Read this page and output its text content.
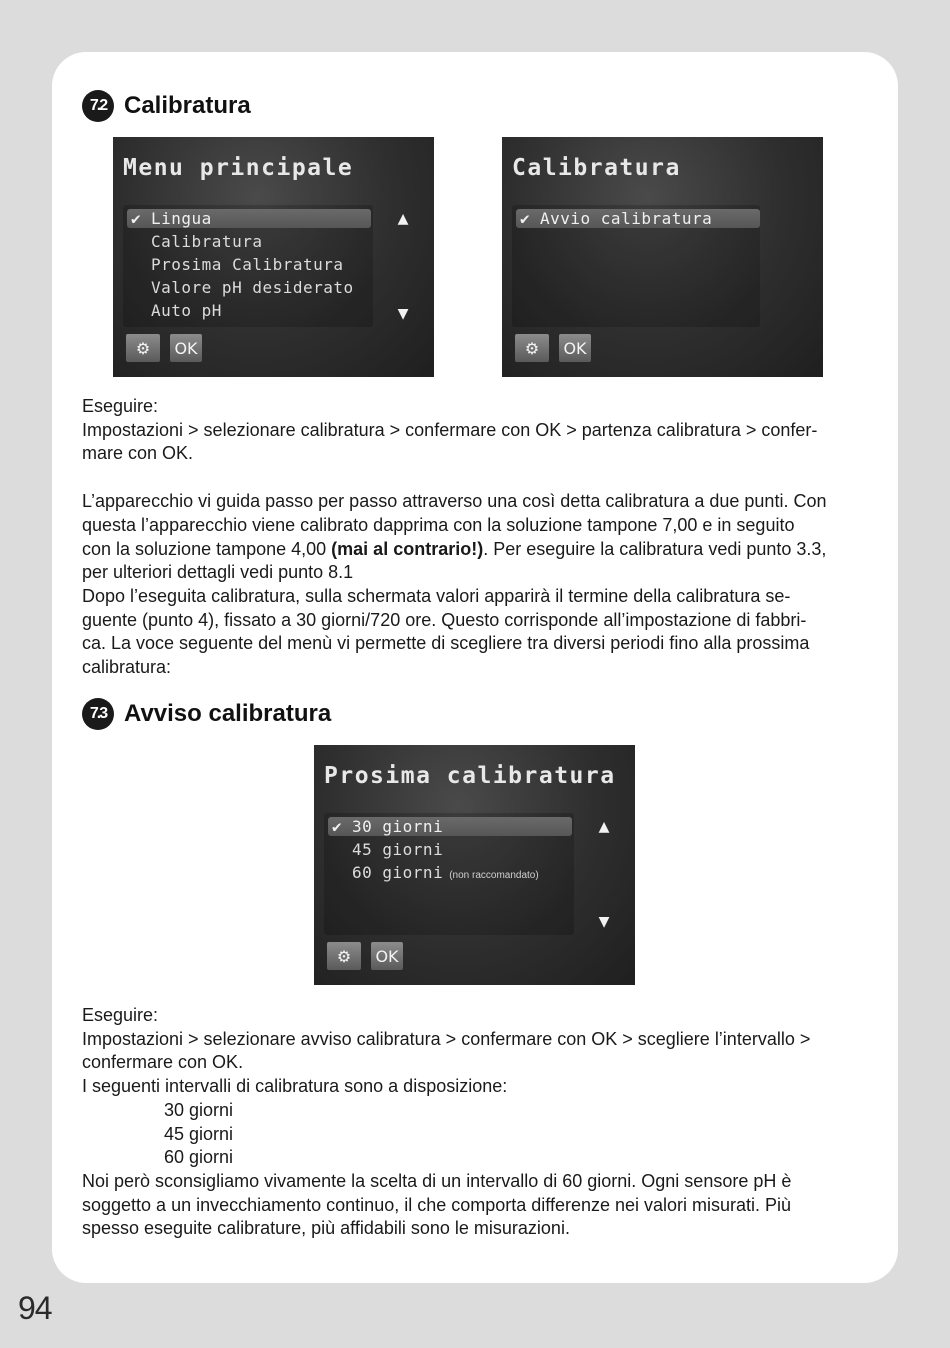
7.2 Calibratura
Menu principale
✔ Lingua
Calibratura
Prosima Calibratura
Valore pH desiderato
Auto pH
▲
▼
⚙ OK
Calibratura
✔ Avvio calibratura
⚙ OK

Eseguire:

Impostazioni > selezionare calibratura > confermare con OK > partenza calibratura > confer-

mare con OK.

L’apparecchio vi guida passo per passo attraverso una così detta calibratura a due punti. Con

questa l’apparecchio viene calibrato dapprima con la soluzione tampone 7,00 e in seguito

con la soluzione tampone 4,00 (mai al contrario!). Per eseguire la calibratura vedi punto 3.3,

per ulteriori dettagli vedi punto 8.1

Dopo l’eseguita calibratura, sulla schermata valori apparirà il termine della calibratura se-

guente (punto 4), fissato a 30 giorni/720 ore. Questo corrisponde all’impostazione di fabbri-

ca. La voce seguente del menù vi permette di scegliere tra diversi periodi fino alla prossima

calibratura:

7.3 Avviso calibratura
Prosima calibratura
✔ 30 giorni
45 giorni
60 giorni (non raccomandato)
▲
▼
⚙ OK

Eseguire:

Impostazioni > selezionare avviso calibratura > confermare con OK > scegliere l’intervallo >

confermare con OK.

I seguenti intervalli di calibratura sono a disposizione:

30 giorni

45 giorni

60 giorni

Noi però sconsigliamo vivamente la scelta di un intervallo di 60 giorni. Ogni sensore pH è

soggetto a un invecchiamento continuo, il che comporta differenze nei valori misurati. Più

spesso eseguite calibrature, più affidabili sono le misurazioni.

94
